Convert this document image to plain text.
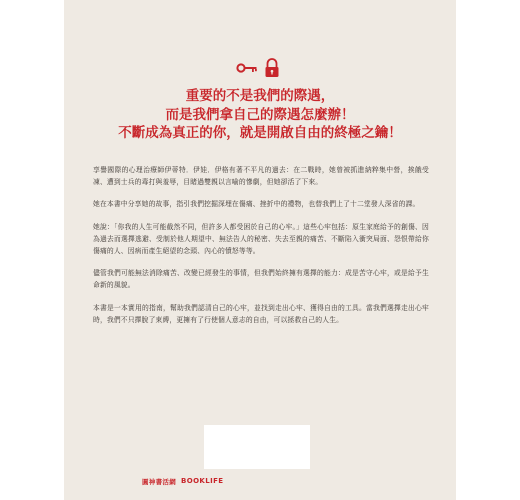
重要的不是我們的際遇，
而是我們拿自己的際遇怎麼辦！
不斷成為真正的你，就是開啟自由的終極之鑰！

享譽國際的心理治療師伊蒂特．伊娃．伊格有著不平凡的過去：在二戰時，她曾被抓進納粹集中營，挨餓受凍、遭到士兵的毒打與羞辱，目睹過雙親以言喻的慘劇，但她卻活了下來。

她在本書中分享她的故事，指引我們挖掘深埋在傷痛、挫折中的禮物，也替我們上了十二堂發人深省的課。

她說：「你我的人生可能截然不同，但許多人都受困於自己的心牢。」這些心牢包括：原生家庭給予的創傷、因為過去而選擇逃避、受制於他人期望中、無法告人的秘密、失去至親的痛苦、不斷陷入衝突局面、怨恨帶給你傷痛的人、因病而產生絕望的念頭、內心的憤怒等等。

儘管我們可能無法消除痛苦、改變已經發生的事情，但我們始終擁有選擇的能力：成是苦守心牢，或是給予生命新的風貌。

本書是一本實用的指南，幫助我們認清自己的心牢，並找到走出心牢、獲得自由的工具。當我們選擇走出心牢時，我們不只擇脫了束縛，更擁有了行使個人意志的自由，可以拯救自己的人生。

圓神書活網 BOOKLIFE
